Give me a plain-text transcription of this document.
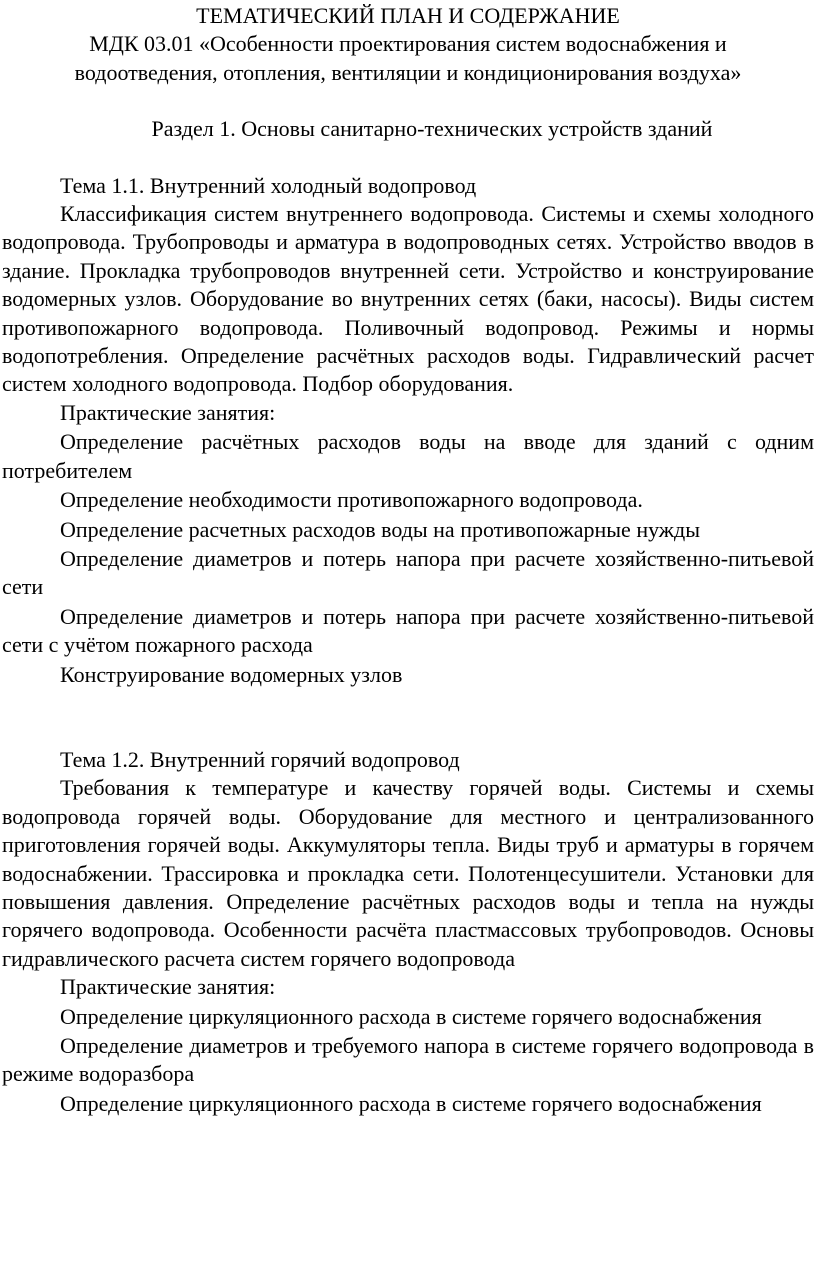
ТЕМАТИЧЕСКИЙ ПЛАН И СОДЕРЖАНИЕ
МДК 03.01 «Особенности проектирования систем водоснабжения и
водоотведения, отопления, вентиляции и кондиционирования воздуха»
Раздел 1. Основы санитарно-технических устройств зданий

Тема 1.1. Внутренний холодный водопровод

Классификация систем внутреннего водопровода. Системы и схемы холодного водопровода. Трубопроводы и арматура в водопроводных сетях. Устройство вводов в здание. Прокладка трубопроводов внутренней сети. Устройство и конструирование водомерных узлов. Оборудование во внутренних сетях (баки, насосы). Виды систем противопожарного водопровода. Поливочный водопровод. Режимы и нормы водопотребления. Определение расчётных расходов воды. Гидравлический расчет систем холодного водопровода. Подбор оборудования.

Практические занятия:

Определение расчётных расходов воды на вводе для зданий с одним потребителем
Определение необходимости противопожарного водопровода.
Определение расчетных расходов воды на противопожарные нужды
Определение диаметров и потерь напора при расчете хозяйственно-питьевой сети
Определение диаметров и потерь напора при расчете хозяйственно-питьевой сети с учётом пожарного расхода
Конструирование водомерных узлов

Тема 1.2. Внутренний горячий водопровод

Требования к температуре и качеству горячей воды. Системы и схемы водопровода горячей воды. Оборудование для местного и централизованного приготовления горячей воды. Аккумуляторы тепла. Виды труб и арматуры в горячем водоснабжении. Трассировка и прокладка сети. Полотенцесушители. Установки для повышения давления. Определение расчётных расходов воды и тепла на нужды горячего водопровода. Особенности расчёта пластмассовых трубопроводов. Основы гидравлического расчета систем горячего водопровода

Практические занятия:

Определение циркуляционного расхода в системе горячего водоснабжения
Определение диаметров и требуемого напора в системе горячего водопровода в режиме водоразбора
Определение циркуляционного расхода в системе горячего водоснабжения
